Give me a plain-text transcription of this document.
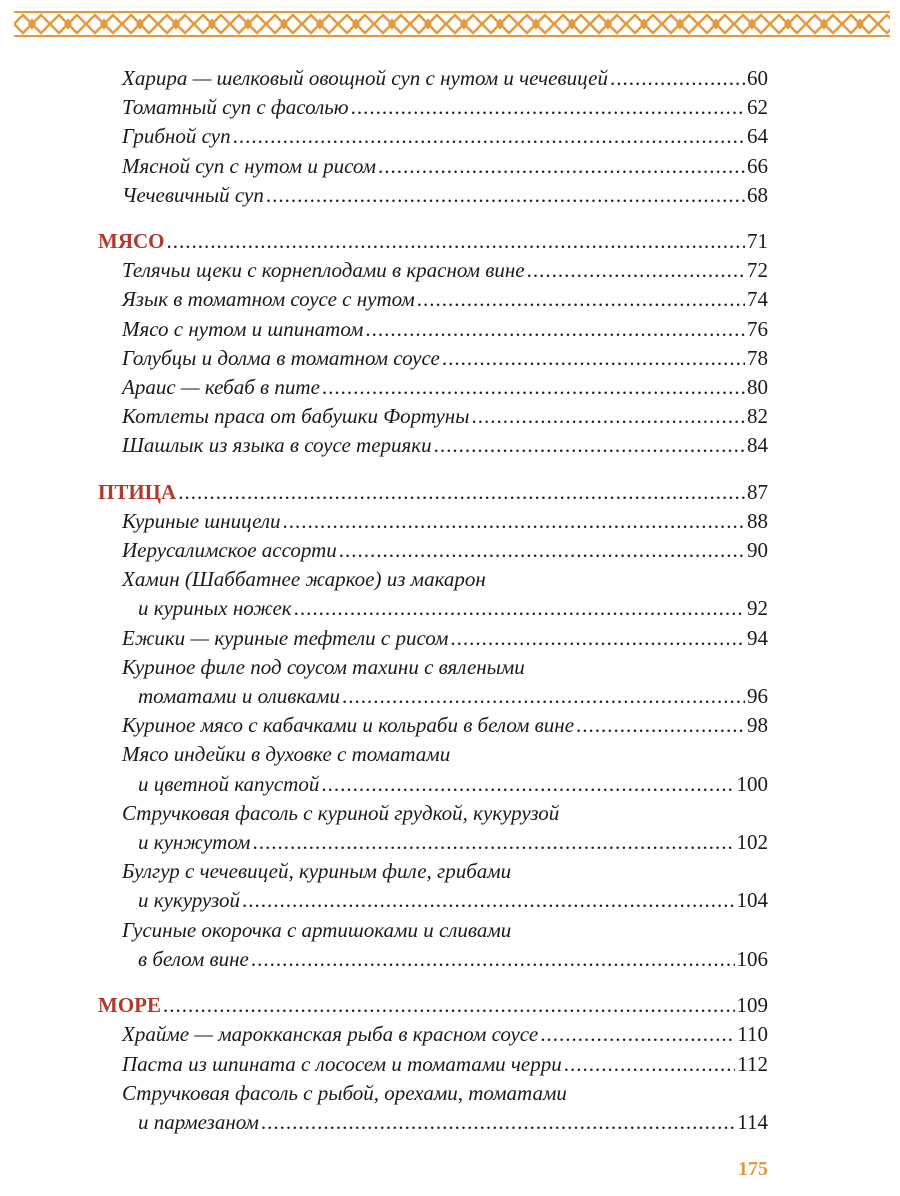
Харира — шелковый овощной суп с нутом и чечевицей .....	60
Томатный суп с фасолью .....	62
Грибной суп .....	64
Мясной суп с нутом и рисом .....	66
Чечевичный суп .....	68
МЯСО .....	71
Телячьи щеки с корнеплодами в красном вине .....	72
Язык в томатном соусе с нутом .....	74
Мясо с нутом и шпинатом .....	76
Голубцы и долма в томатном соусе .....	78
Араис — кебаб в пите .....	80
Котлеты праса от бабушки Фортуны .....	82
Шашлык из языка в соусе терияки .....	84
ПТИЦА .....	87
Куриные шницели .....	88
Иерусалимское ассорти .....	90
Хамин (Шаббатнее жаркое) из макарон
и куриных ножек .....	92
Ежики — куриные тефтели с рисом .....	94
Куриное филе под соусом тахини с вялеными
томатами и оливками .....	96
Куриное мясо с кабачками и кольраби в белом вине .....	98
Мясо индейки в духовке с томатами
и цветной капустой .....	100
Стручковая фасоль с куриной грудкой, кукурузой
и кунжутом .....	102
Булгур с чечевицей, куриным филе, грибами
и кукурузой .....	104
Гусиные окорочка с артишоками и сливами
в белом вине .....	106
МОРЕ .....	109
Храйме — марокканская рыба в красном соусе .....	110
Паста из шпината с лососем и томатами черри .....	112
Стручковая фасоль с рыбой, орехами, томатами
и пармезаном .....	114
175
